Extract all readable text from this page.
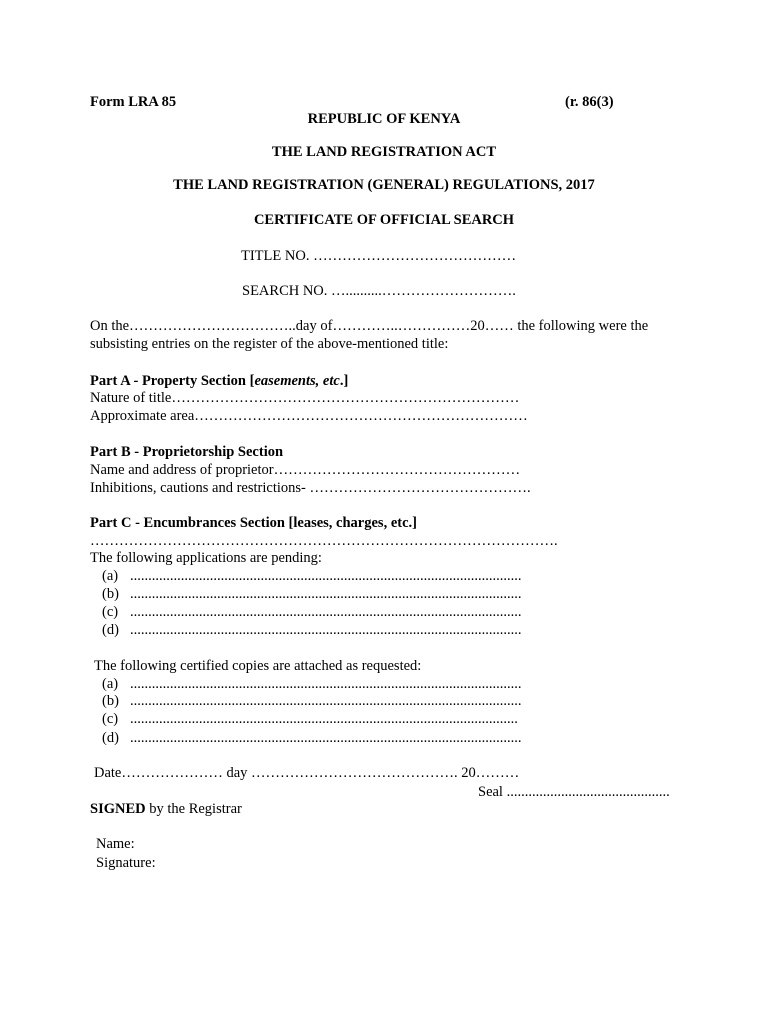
Form LRA 85	(r. 86(3)
REPUBLIC OF KENYA
THE LAND REGISTRATION ACT
THE LAND REGISTRATION (GENERAL) REGULATIONS, 2017
CERTIFICATE OF OFFICIAL SEARCH
TITLE NO. ……………………………………
SEARCH NO. …..........……………………….
On the……………………………..day of…………..……………20…… the following were the
subsisting entries on the register of the above-mentioned title:
Part A - Property Section [easements, etc.]
Nature of title………………………………………………………………
Approximate area……………………………………………………………
Part B - Proprietorship Section
Name and address of proprietor……………………………………………
Inhibitions, cautions and restrictions- ……………………………………….
Part C - Encumbrances Section [leases, charges, etc.]
…………………………………………………………………………………….
The following applications are pending:
(a) ............................................................................................................
(b) ............................................................................................................
(c) ............................................................................................................
(d) ............................................................................................................
The following certified copies are attached as requested:
(a) ............................................................................................................
(b) ............................................................................................................
(c) ...........................................................................................................
(d) ............................................................................................................
Date………………… day ……………………………………. 20………
Seal .............................................
SIGNED by the Registrar
Name:
Signature:
